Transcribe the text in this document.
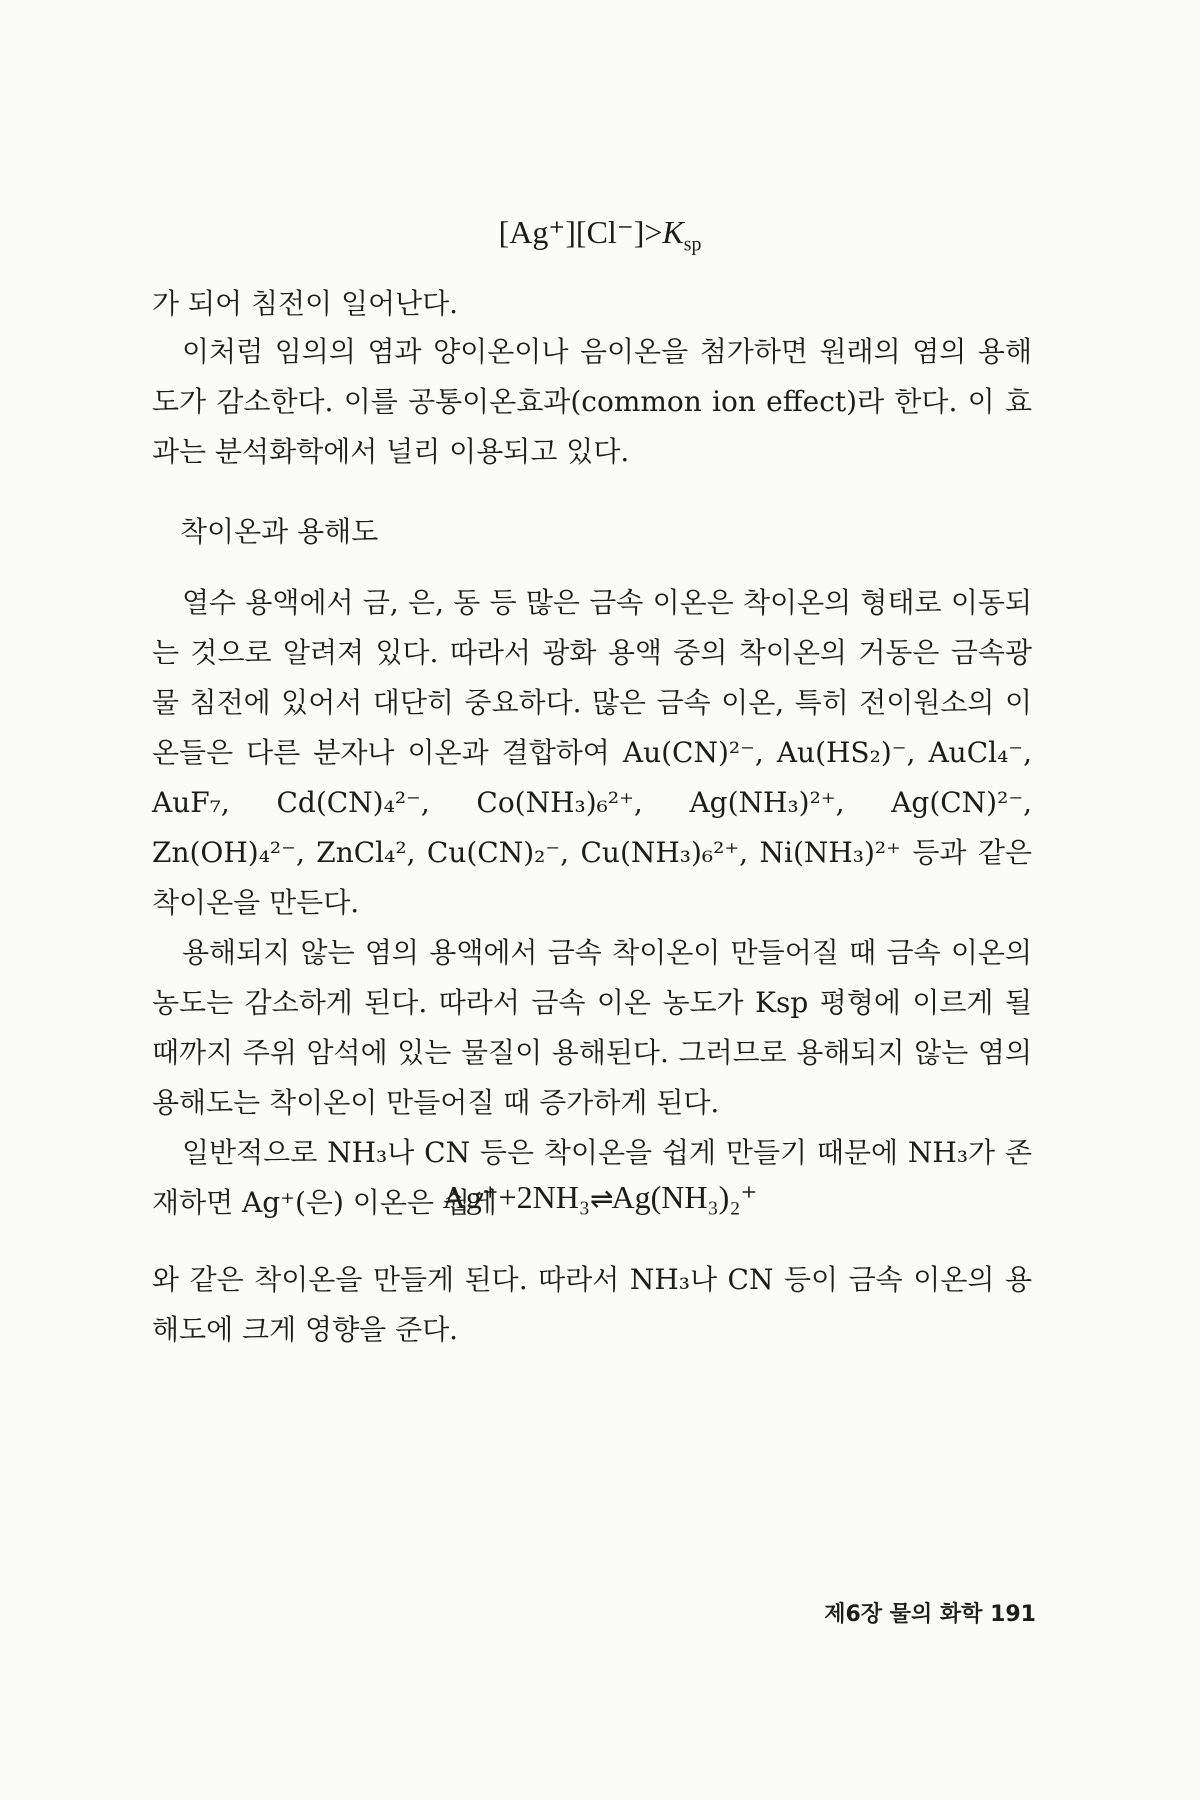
$[Ag^+][Cl^-]>K_{sp}$
가 되어 침전이 일어난다.
이처럼 임의의 염과 양이온이나 음이온을 첨가하면 원래의 염의 용해도가 감소한다. 이를 공통이온효과(common ion effect)라 한다. 이 효과는 분석화학에서 널리 이용되고 있다.
착이온과 용해도
열수 용액에서 금, 은, 동 등 많은 금속 이온은 착이온의 형태로 이동되는 것으로 알려져 있다. 따라서 광화 용액 중의 착이온의 거동은 금속광물 침전에 있어서 대단히 중요하다. 많은 금속 이온, 특히 전이원소의 이온들은 다른 분자나 이온과 결합하여 Au(CN)²⁻, Au(HS₂)⁻, AuCl₄⁻, AuF₇, Cd(CN)₄²⁻, Co(NH₃)₆²⁺, Ag(NH₃)²⁺, Ag(CN)²⁻, Zn(OH)₄²⁻, ZnCl₄², Cu(CN)₂⁻, Cu(NH₃)₆²⁺, Ni(NH₃)²⁺ 등과 같은 착이온을 만든다.
용해되지 않는 염의 용액에서 금속 착이온이 만들어질 때 금속 이온의 농도는 감소하게 된다. 따라서 금속 이온 농도가 Ksp 평형에 이르게 될 때까지 주위 암석에 있는 물질이 용해된다. 그러므로 용해되지 않는 염의 용해도는 착이온이 만들어질 때 증가하게 된다.
일반적으로 NH₃나 CN 등은 착이온을 쉽게 만들기 때문에 NH₃가 존재하면 Ag⁺(은) 이온은 쉽게
Ag⁺+2NH₃⇌Ag(NH₃)₂⁺
와 같은 착이온을 만들게 된다. 따라서 NH₃나 CN 등이 금속 이온의 용해도에 크게 영향을 준다.
제6장 물의 화학 191
